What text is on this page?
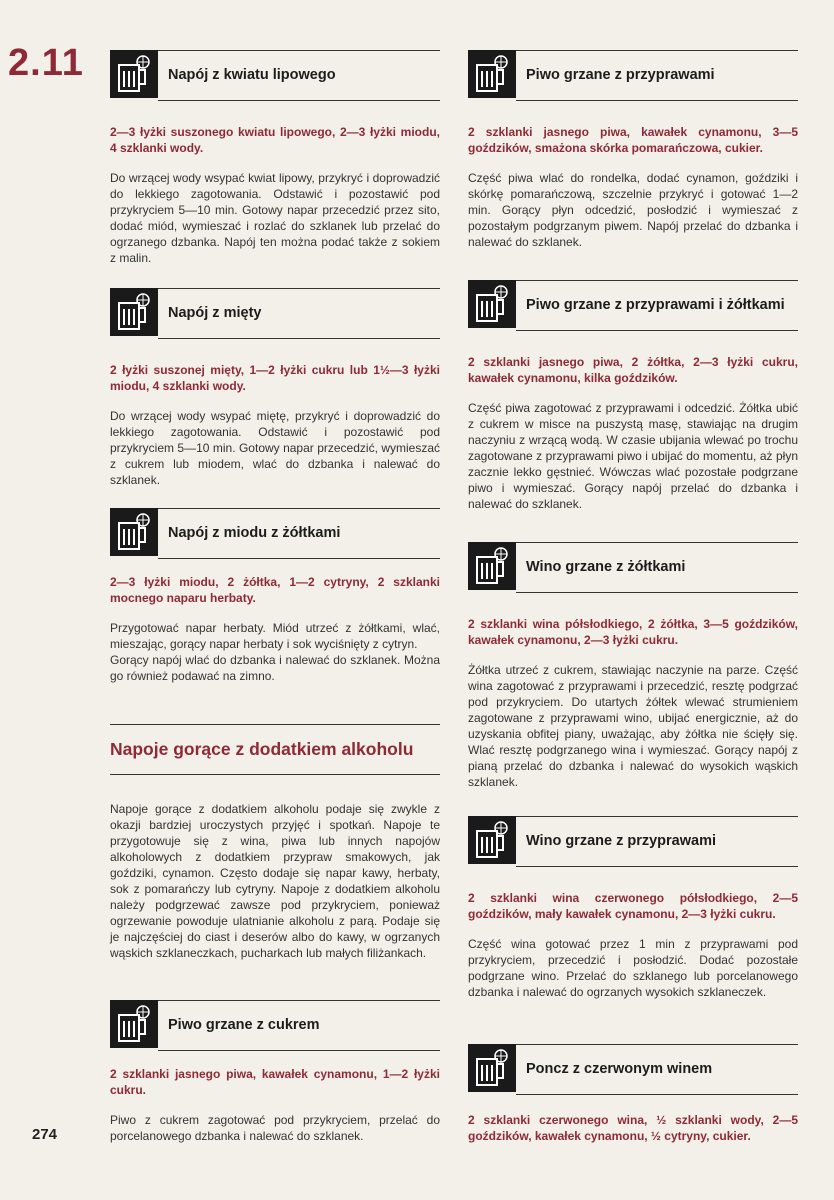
2.11
274
Napój z kwiatu lipowego
2—3 łyżki suszonego kwiatu lipowego, 2—3 łyżki miodu, 4 szklanki wody.
Do wrzącej wody wsypać kwiat lipowy, przykryć i doprowadzić do lekkiego zagotowania. Odstawić i pozostawić pod przykryciem 5—10 min. Gotowy napar przecedzić przez sito, dodać miód, wymieszać i rozlać do szklanek lub przelać do ogrzanego dzbanka. Napój ten można podać także z sokiem z malin.
Napój z mięty
2 łyżki suszonej mięty, 1—2 łyżki cukru lub 1½—3 łyżki miodu, 4 szklanki wody.
Do wrzącej wody wsypać miętę, przykryć i doprowadzić do lekkiego zagotowania. Odstawić i pozostawić pod przykryciem 5—10 min. Gotowy napar przecedzić, wymieszać z cukrem lub miodem, wlać do dzbanka i nalewać do szklanek.
Napój z miodu z żółtkami
2—3 łyżki miodu, 2 żółtka, 1—2 cytryny, 2 szklanki mocnego naparu herbaty.
Przygotować napar herbaty. Miód utrzeć z żółtkami, wlać, mieszając, gorący napar herbaty i sok wyciśnięty z cytryn.
Gorący napój wlać do dzbanka i nalewać do szklanek. Można go również podawać na zimno.
Piwo grzane z cukrem
2 szklanki jasnego piwa, kawałek cynamonu, 1—2 łyżki cukru.
Piwo z cukrem zagotować pod przykryciem, przelać do porcelanowego dzbanka i nalewać do szklanek.
Napoje gorące z dodatkiem alkoholu
Napoje gorące z dodatkiem alkoholu podaje się zwykle z okazji bardziej uroczystych przyjęć i spotkań. Napoje te przygotowuje się z wina, piwa lub innych napojów alkoholowych z dodatkiem przypraw smakowych, jak goździki, cynamon. Często dodaje się napar kawy, herbaty, sok z pomarańczy lub cytryny. Napoje z dodatkiem alkoholu należy podgrzewać zawsze pod przykryciem, ponieważ ogrzewanie powoduje ulatnianie alkoholu z parą. Podaje się je najczęściej do ciast i deserów albo do kawy, w ogrzanych wąskich szklaneczkach, pucharkach lub małych filiżankach.
Piwo grzane z przyprawami
2 szklanki jasnego piwa, kawałek cynamonu, 3—5 goździków, smażona skórka pomarańczowa, cukier.
Część piwa wlać do rondelka, dodać cynamon, goździki i skórkę pomarańczową, szczelnie przykryć i gotować 1—2 min. Gorący płyn odcedzić, posłodzić i wymieszać z pozostałym podgrzanym piwem. Napój przelać do dzbanka i nalewać do szklanek.
Piwo grzane z przyprawami i żółtkami
2 szklanki jasnego piwa, 2 żółtka, 2—3 łyżki cukru, kawałek cynamonu, kilka goździków.
Część piwa zagotować z przyprawami i odcedzić. Żółtka ubić z cukrem w misce na puszystą masę, stawiając na drugim naczyniu z wrzącą wodą. W czasie ubijania wlewać po trochu zagotowane z przyprawami piwo i ubijać do momentu, aż płyn zacznie lekko gęstnieć. Wówczas wlać pozostałe podgrzane piwo i wymieszać. Gorący napój przelać do dzbanka i nalewać do szklanek.
Wino grzane z żółtkami
2 szklanki wina półsłodkiego, 2 żółtka, 3—5 goździków, kawałek cynamonu, 2—3 łyżki cukru.
Żółtka utrzeć z cukrem, stawiając naczynie na parze. Część wina zagotować z przyprawami i przecedzić, resztę podgrzać pod przykryciem. Do utartych żółtek wlewać strumieniem zagotowane z przyprawami wino, ubijać energicznie, aż do uzyskania obfitej piany, uważając, aby żółtka nie ścięły się. Wlać resztę podgrzanego wina i wymieszać. Gorący napój z pianą przelać do dzbanka i nalewać do wysokich wąskich szklanek.
Wino grzane z przyprawami
2 szklanki wina czerwonego półsłodkiego, 2—5 goździków, mały kawałek cynamonu, 2—3 łyżki cukru.
Część wina gotować przez 1 min z przyprawami pod przykryciem, przecedzić i posłodzić. Dodać pozostałe podgrzane wino. Przelać do szklanego lub porcelanowego dzbanka i nalewać do ogrzanych wysokich szklaneczek.
Poncz z czerwonym winem
2 szklanki czerwonego wina, ½ szklanki wody, 2—5 goździków, kawałek cynamonu, ½ cytryny, cukier.
